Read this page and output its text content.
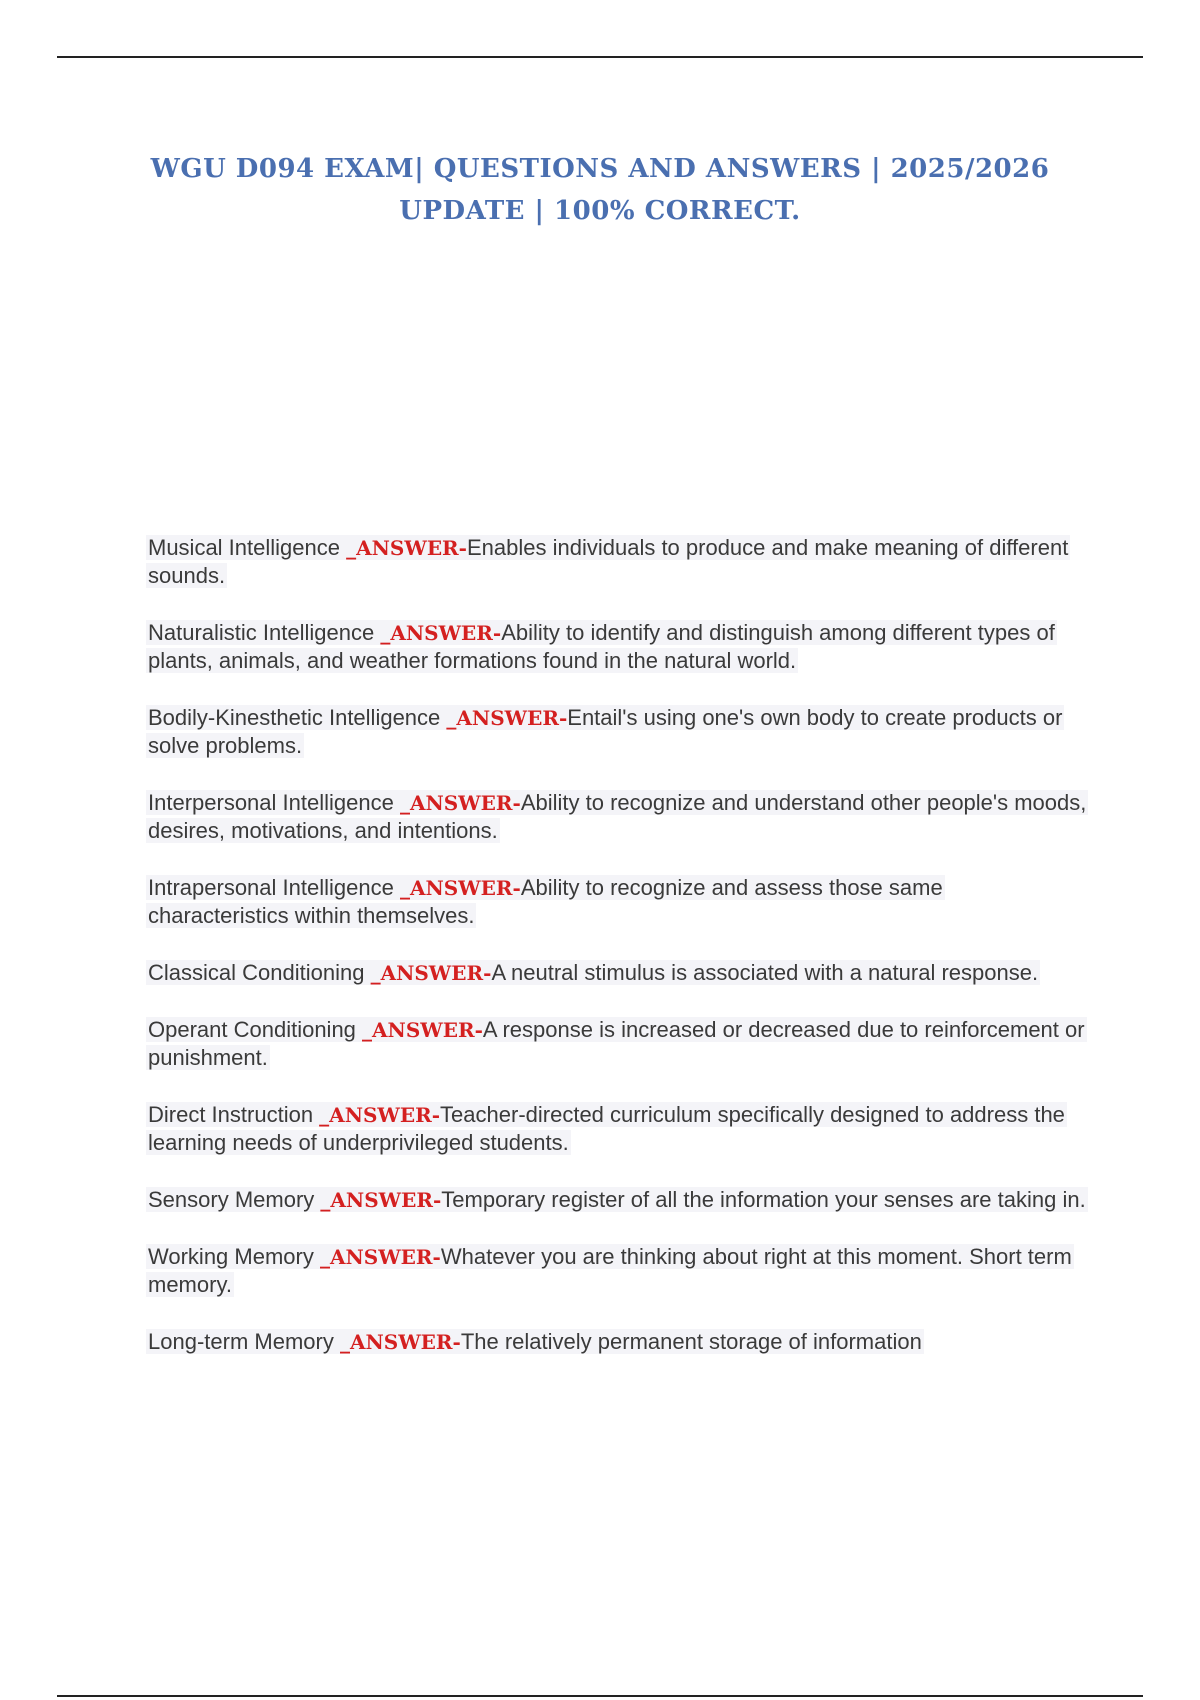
WGU D094 EXAM| QUESTIONS AND ANSWERS | 2025/2026 UPDATE | 100% CORRECT.
Musical Intelligence _ANSWER-Enables individuals to produce and make meaning of different sounds.
Naturalistic Intelligence _ANSWER-Ability to identify and distinguish among different types of plants, animals, and weather formations found in the natural world.
Bodily-Kinesthetic Intelligence _ANSWER-Entail's using one's own body to create products or solve problems.
Interpersonal Intelligence _ANSWER-Ability to recognize and understand other people's moods, desires, motivations, and intentions.
Intrapersonal Intelligence _ANSWER-Ability to recognize and assess those same characteristics within themselves.
Classical Conditioning _ANSWER-A neutral stimulus is associated with a natural response.
Operant Conditioning _ANSWER-A response is increased or decreased due to reinforcement or punishment.
Direct Instruction _ANSWER-Teacher-directed curriculum specifically designed to address the learning needs of underprivileged students.
Sensory Memory _ANSWER-Temporary register of all the information your senses are taking in.
Working Memory _ANSWER-Whatever you are thinking about right at this moment. Short term memory.
Long-term Memory _ANSWER-The relatively permanent storage of information
